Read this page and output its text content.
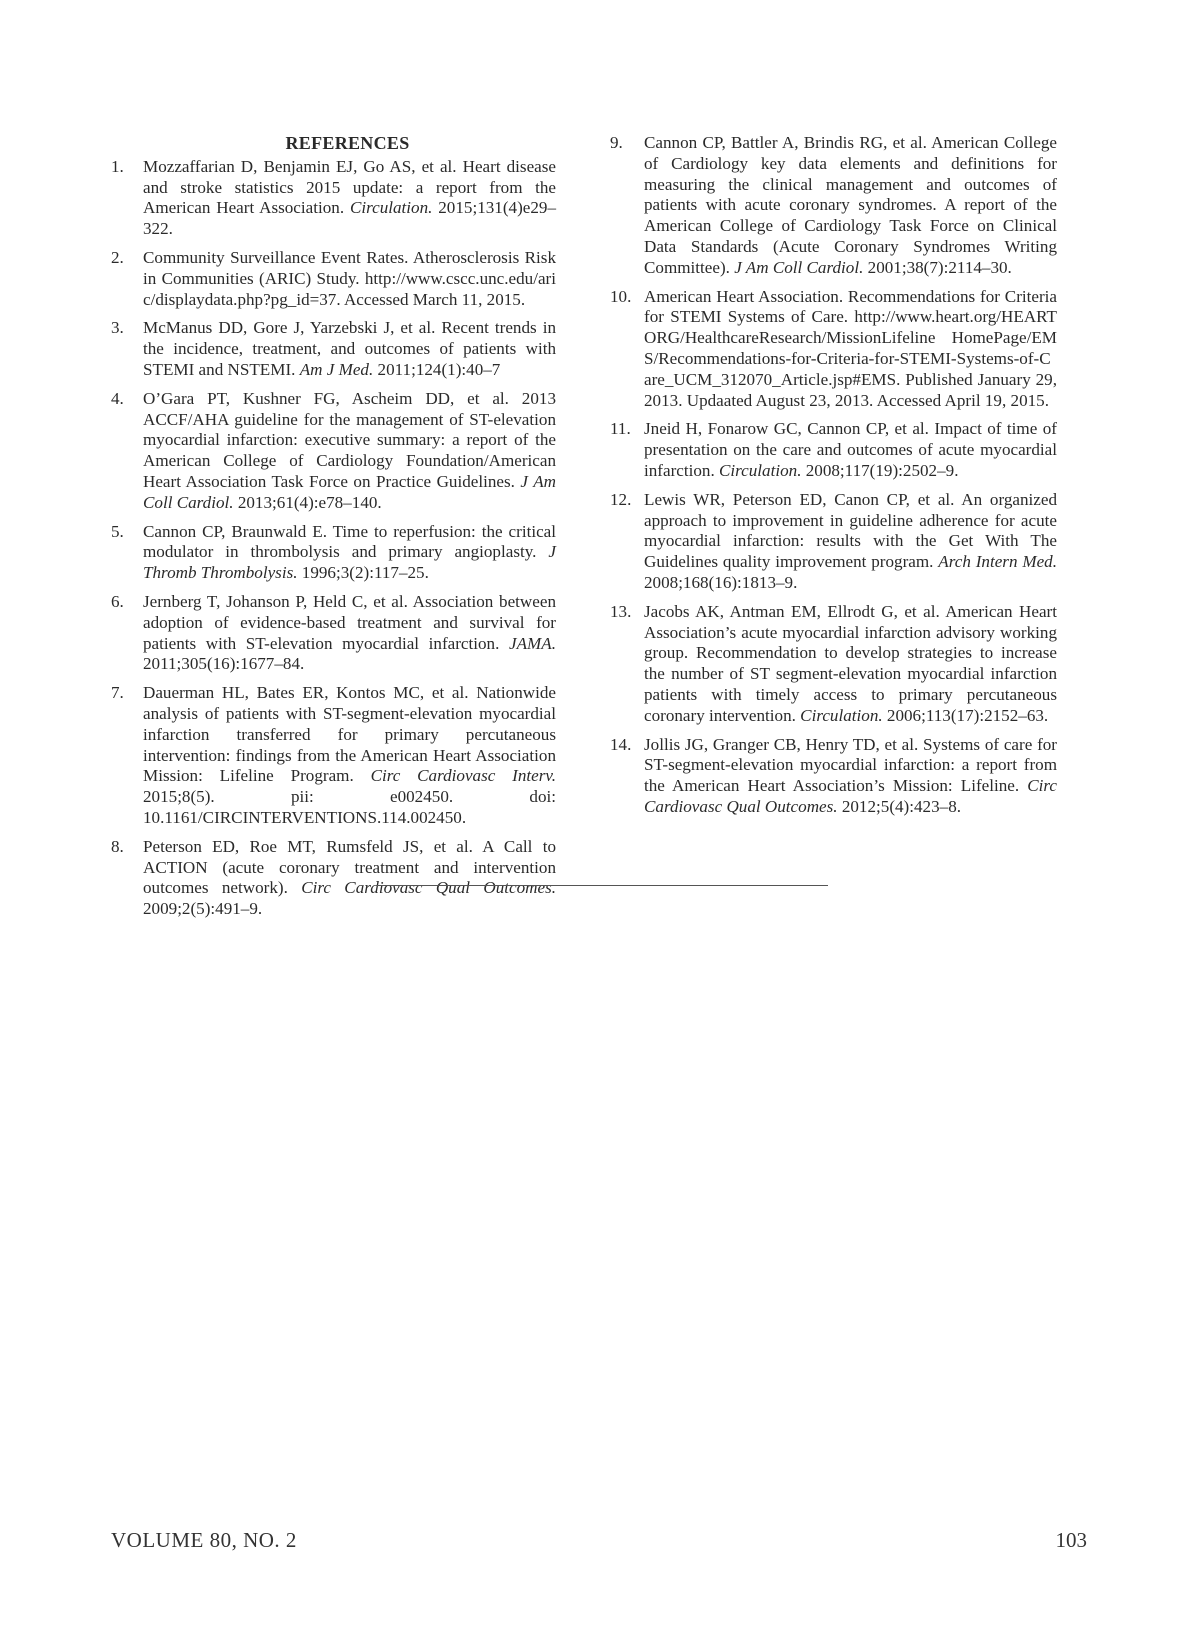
REFERENCES
1. Mozzaffarian D, Benjamin EJ, Go AS, et al. Heart disease and stroke statistics 2015 update: a report from the American Heart Association. Circulation. 2015;131(4)e29–322.
2. Community Surveillance Event Rates. Atherosclerosis Risk in Communities (ARIC) Study. http://www.cscc.unc.edu/aric/displaydata.php?pg_id=37. Accessed March 11, 2015.
3. McManus DD, Gore J, Yarzebski J, et al. Recent trends in the incidence, treatment, and outcomes of patients with STEMI and NSTEMI. Am J Med. 2011;124(1):40–7
4. O’Gara PT, Kushner FG, Ascheim DD, et al. 2013 ACCF/AHA guideline for the management of ST-elevation myocardial infarction: executive summary: a report of the American College of Cardiology Foundation/American Heart Association Task Force on Practice Guidelines. J Am Coll Cardiol. 2013;61(4):e78–140.
5. Cannon CP, Braunwald E. Time to reperfusion: the critical modulator in thrombolysis and primary angioplasty. J Thromb Thrombolysis. 1996;3(2):117–25.
6. Jernberg T, Johanson P, Held C, et al. Association between adoption of evidence-based treatment and survival for patients with ST-elevation myocardial infarction. JAMA. 2011;305(16):1677–84.
7. Dauerman HL, Bates ER, Kontos MC, et al. Nationwide analysis of patients with ST-segment-elevation myocardial infarction transferred for primary percutaneous intervention: findings from the American Heart Association Mission: Lifeline Program. Circ Cardiovasc Interv. 2015;8(5). pii: e002450. doi: 10.1161/CIRCINTERVENTIONS.114.002450.
8. Peterson ED, Roe MT, Rumsfeld JS, et al. A Call to ACTION (acute coronary treatment and intervention outcomes network). Circ Cardiovasc Qual Outcomes. 2009;2(5):491–9.
9. Cannon CP, Battler A, Brindis RG, et al. American College of Cardiology key data elements and definitions for measuring the clinical management and outcomes of patients with acute coronary syndromes. A report of the American College of Cardiology Task Force on Clinical Data Standards (Acute Coronary Syndromes Writing Committee). J Am Coll Cardiol. 2001;38(7):2114–30.
10. American Heart Association. Recommendations for Criteria for STEMI Systems of Care. http://www.heart.org/HEARTORG/HealthcareResearch/MissionLifeline HomePage/EMS/Recommendations-for-Criteria-for-STEMI-Systems-of-Care_UCM_312070_Article.jsp#EMS. Published January 29, 2013. Updaated August 23, 2013. Accessed April 19, 2015.
11. Jneid H, Fonarow GC, Cannon CP, et al. Impact of time of presentation on the care and outcomes of acute myocardial infarction. Circulation. 2008;117(19):2502–9.
12. Lewis WR, Peterson ED, Canon CP, et al. An organized approach to improvement in guideline adherence for acute myocardial infarction: results with the Get With The Guidelines quality improvement program. Arch Intern Med. 2008;168(16):1813–9.
13. Jacobs AK, Antman EM, Ellrodt G, et al. American Heart Association’s acute myocardial infarction advisory working group. Recommendation to develop strategies to increase the number of ST segment-elevation myocardial infarction patients with timely access to primary percutaneous coronary intervention. Circulation. 2006;113(17):2152–63.
14. Jollis JG, Granger CB, Henry TD, et al. Systems of care for ST-segment-elevation myocardial infarction: a report from the American Heart Association’s Mission: Lifeline. Circ Cardiovasc Qual Outcomes. 2012;5(4):423–8.
VOLUME 80, NO. 2	103
